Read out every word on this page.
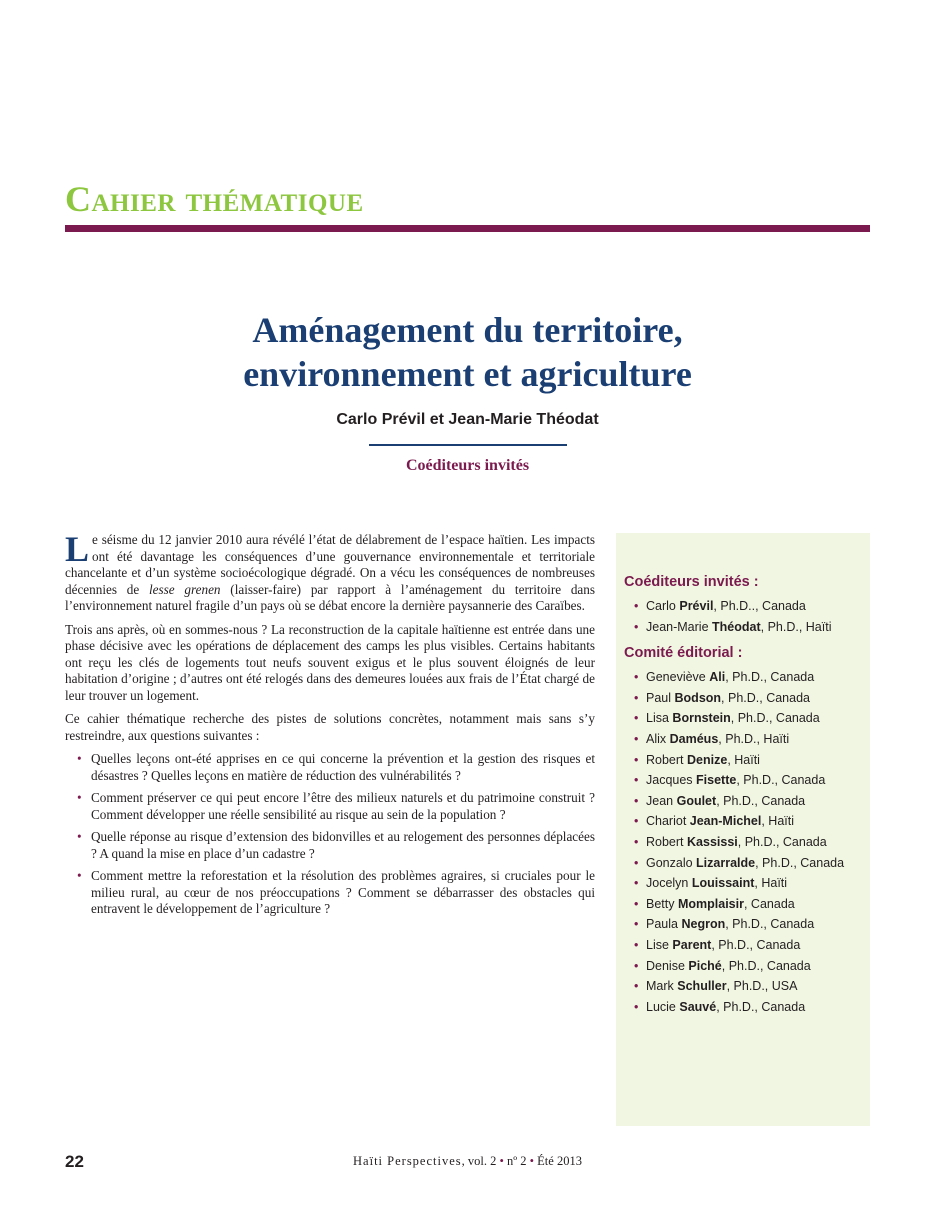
Cahier thématique
Aménagement du territoire,
environnement et agriculture
Carlo Prévil et Jean-Marie Théodat
Coéditeurs invités

Le séisme du 12 janvier 2010 aura révélé l’état de délabrement de l’espace haïtien. Les impacts ont été davantage les conséquences d’une gouvernance environnementale et territoriale chancelante et d’un système socioécologique dégradé. On a vécu les conséquences de nombreuses décennies de lesse grenen (laisser-faire) par rapport à l’aménagement du territoire dans l’environnement naturel fragile d’un pays où se débat encore la dernière paysannerie des Caraïbes.

Trois ans après, où en sommes-nous ? La reconstruction de la capitale haïtienne est entrée dans une phase décisive avec les opérations de déplacement des camps les plus visibles. Certains habitants ont reçu les clés de logements tout neufs souvent exigus et le plus souvent éloignés de leur habitation d’origine ; d’autres ont été relogés dans des demeures louées aux frais de l’État chargé de leur trouver un logement.

Ce cahier thématique recherche des pistes de solutions concrètes, notamment mais sans s’y restreindre, aux questions suivantes :

• Quelles leçons ont-été apprises en ce qui concerne la prévention et la gestion des risques et désastres ? Quelles leçons en matière de réduction des vulnérabilités ?
• Comment préserver ce qui peut encore l’être des milieux naturels et du patrimoine construit ? Comment développer une réelle sensibilité au risque au sein de la population ?
• Quelle réponse au risque d’extension des bidonvilles et au relogement des personnes déplacées ? A quand la mise en place d’un cadastre ?
• Comment mettre la reforestation et la résolution des problèmes agraires, si cruciales pour le milieu rural, au cœur de nos préoccupations ? Comment se débarrasser des obstacles qui entravent le développement de l’agriculture ?
Coéditeurs invités :
• Carlo Prévil, Ph.D.., Canada
• Jean-Marie Théodat, Ph.D., Haïti
Comité éditorial :
• Geneviève Ali, Ph.D., Canada
• Paul Bodson, Ph.D., Canada
• Lisa Bornstein, Ph.D., Canada
• Alix Daméus, Ph.D., Haïti
• Robert Denize, Haïti
• Jacques Fisette, Ph.D., Canada
• Jean Goulet, Ph.D., Canada
• Chariot Jean-Michel, Haïti
• Robert Kassissi, Ph.D., Canada
• Gonzalo Lizarralde, Ph.D., Canada
• Jocelyn Louissaint, Haïti
• Betty Momplaisir, Canada
• Paula Negron, Ph.D., Canada
• Lise Parent, Ph.D., Canada
• Denise Piché, Ph.D., Canada
• Mark Schuller, Ph.D., USA
• Lucie Sauvé, Ph.D., Canada
22	Haïti Perspectives, vol. 2 • nº 2 • Été 2013
